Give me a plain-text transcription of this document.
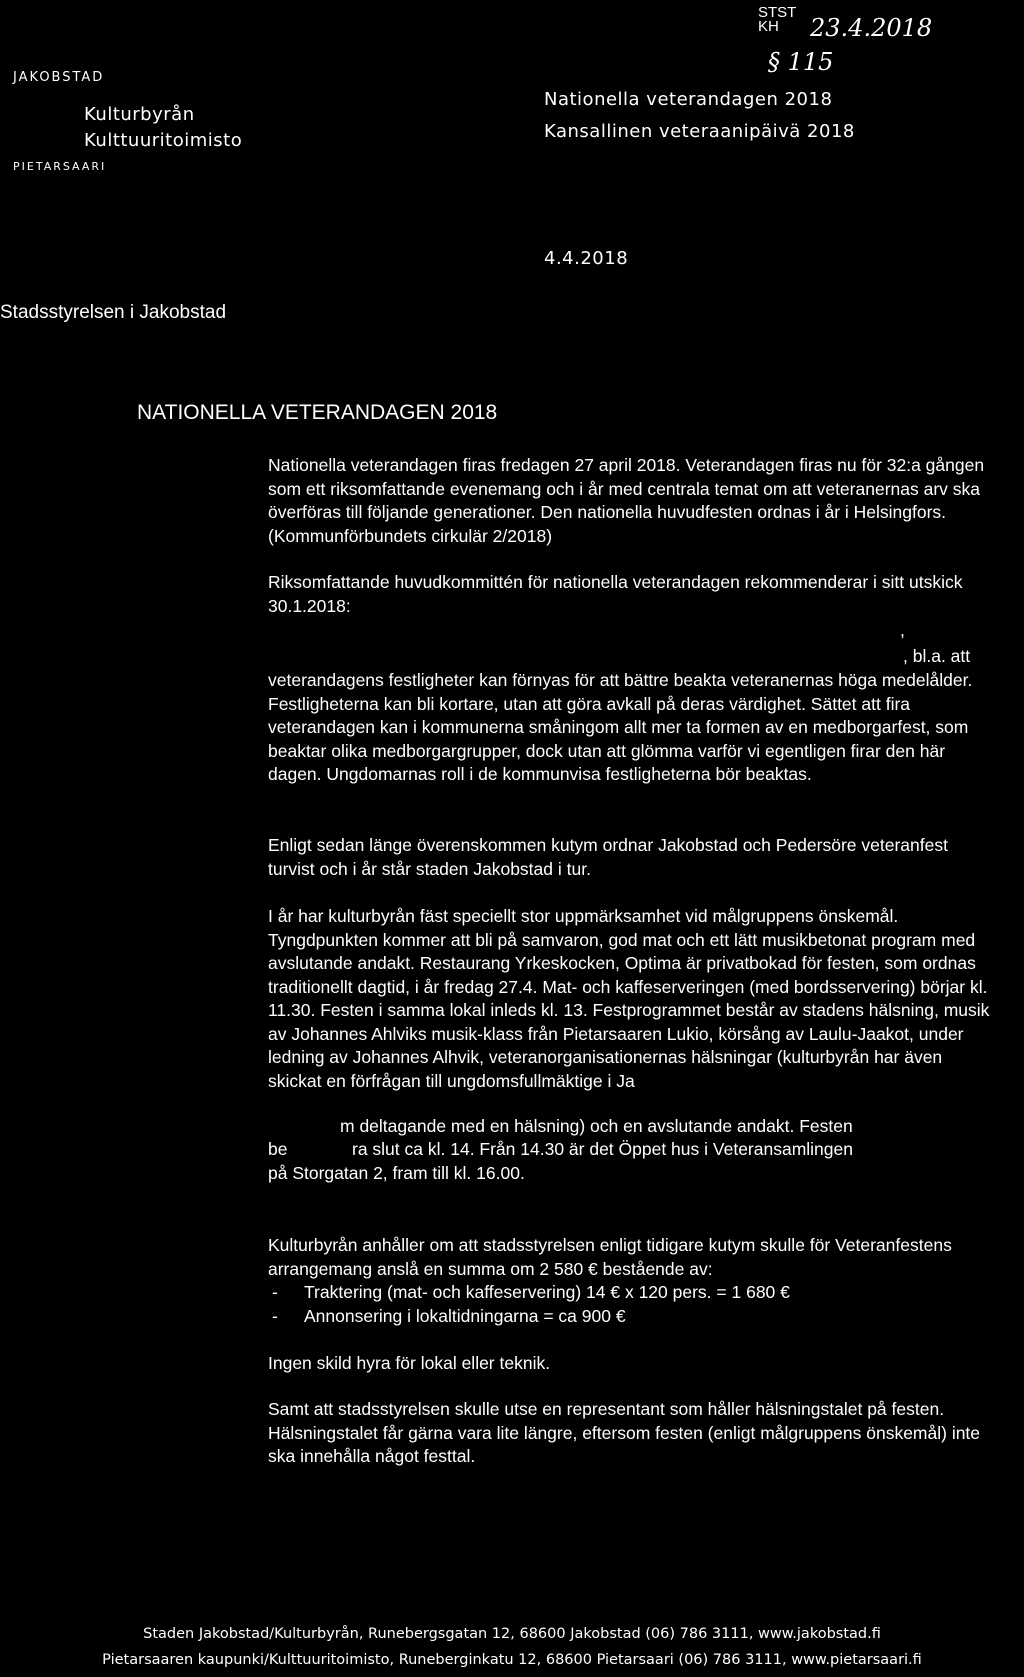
JAKOBSTAD
PIETARSAARI
Kulturbyrån
Kulttuuritoimisto
Nationella veterandagen 2018
Kansallinen veteraanipäivä 2018
STST
KH 23.4.2018
§ 115
4.4.2018
Stadsstyrelsen i Jakobstad
NATIONELLA VETERANDAGEN 2018

Nationella veterandagen firas fredagen 27 april 2018. Veterandagen firas nu för 32:a gången som ett riksomfattande evenemang och i år med centrala temat om att veteranernas arv ska överföras till följande generationer. Den nationella huvudfesten ordnas i år i Helsingfors. (Kommunförbundets cirkulär 2/2018)

Riksomfattande huvudkommittén för nationella veterandagen rekommenderar i sitt utskick 30.1.2018:

,
, bl.a. att

veterandagens festligheter kan förnyas för att bättre beakta veteranernas höga medelålder. Festligheterna kan bli kortare, utan att göra avkall på deras värdighet. Sättet att fira veterandagen kan i kommunerna småningom allt mer ta formen av en medborgarfest, som beaktar olika medborgargrupper, dock utan att glömma varför vi egentligen firar den här dagen. Ungdomarnas roll i de kommunvisa festligheterna bör beaktas.

Enligt sedan länge överenskommen kutym ordnar Jakobstad och Pedersöre veteranfest turvist och i år står staden Jakobstad i tur.

I år har kulturbyrån fäst speciellt stor uppmärksamhet vid målgruppens önskemål. Tyngdpunkten kommer att bli på samvaron, god mat och ett lätt musikbetonat program med avslutande andakt. Restaurang Yrkeskocken, Optima är privatbokad för festen, som ordnas traditionellt dagtid, i år fredag 27.4. Mat- och kaffeserveringen (med bordsservering) börjar kl. 11.30. Festen i samma lokal inleds kl. 13. Festprogrammet består av stadens hälsning, musik av Johannes Ahlviks musik-klass från Pietarsaaren Lukio, körsång av Laulu-Jaakot, under ledning av Johannes Alhvik, veteranorganisationernas hälsningar (kulturbyrån har även skickat en förfrågan till ungdomsfullmäktige i Ja

m deltagande med en hälsning) och en avslutande andakt. Festen
be	ra slut ca kl. 14. Från 14.30 är det Öppet hus i Veteransamlingen
på Storgatan 2, fram till kl. 16.00.

Kulturbyrån anhåller om att stadsstyrelsen enligt tidigare kutym skulle för Veteranfestens arrangemang anslå en summa om 2 580 € bestående av:

- Traktering (mat- och kaffeservering) 14 € x 120 pers. = 1 680 €
- Annonsering i lokaltidningarna = ca 900 €

Ingen skild hyra för lokal eller teknik.

Samt att stadsstyrelsen skulle utse en representant som håller hälsningstalet på festen. Hälsningstalet får gärna vara lite längre, eftersom festen (enligt målgruppens önskemål) inte ska innehålla något festtal.

Staden Jakobstad/Kulturbyrån, Runebergsgatan 12, 68600 Jakobstad (06) 786 3111, www.jakobstad.fi
Pietarsaaren kaupunki/Kulttuuritoimisto, Runeberginkatu 12, 68600 Pietarsaari (06) 786 3111, www.pietarsaari.fi
